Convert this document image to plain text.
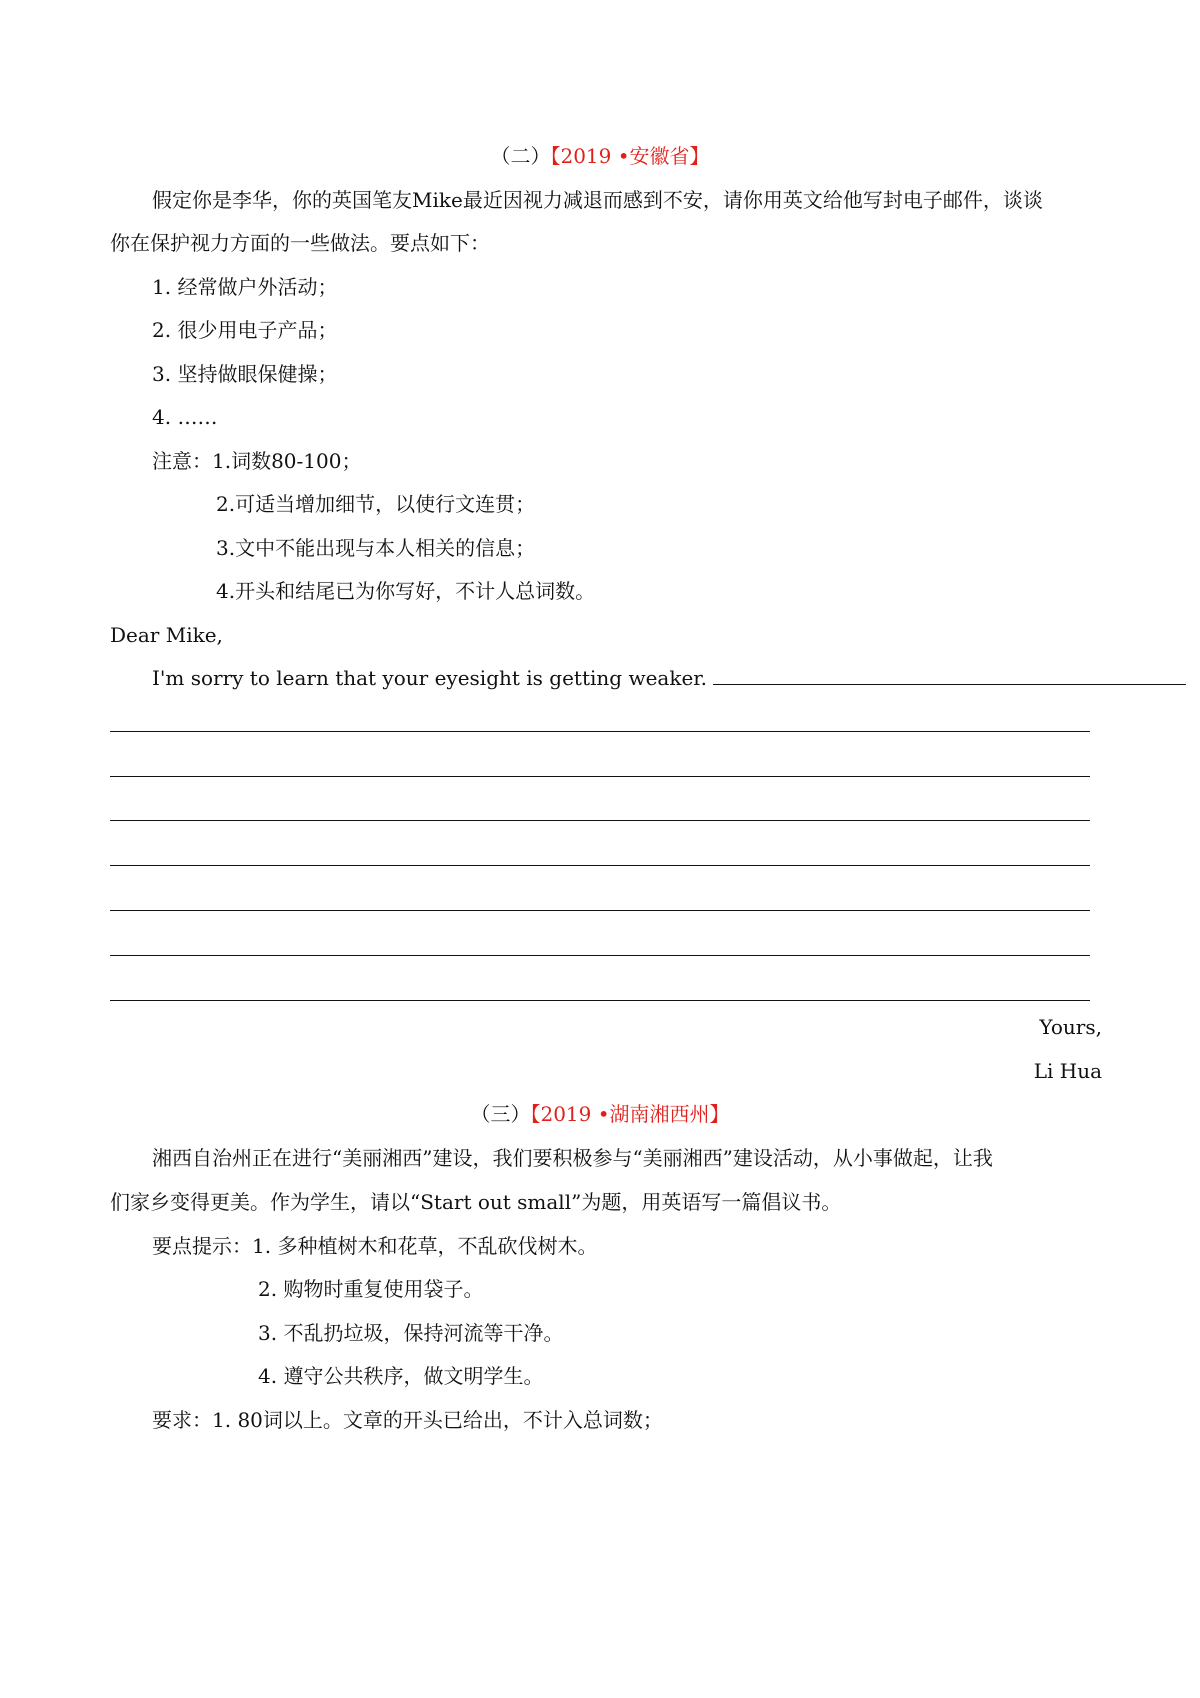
（二）【2019 •安徽省】
假定你是李华，你的英国笔友Mike最近因视力减退而感到不安，请你用英文给他写封电子邮件，谈谈
你在保护视力方面的一些做法。要点如下：
1. 经常做户外活动；
2. 很少用电子产品；
3. 坚持做眼保健操；
4. ……
注意：1.词数80-100；
2.可适当增加细节，以使行文连贯；
3.文中不能出现与本人相关的信息；
4.开头和结尾已为你写好，不计人总词数。
Dear Mike,
I'm sorry to learn that your eyesight is getting weaker.
Yours,
Li Hua
（三）【2019 •湖南湘西州】
湘西自治州正在进行“美丽湘西”建设，我们要积极参与“美丽湘西”建设活动，从小事做起，让我
们家乡变得更美。作为学生，请以“Start out small”为题，用英语写一篇倡议书。
要点提示：1. 多种植树木和花草，不乱砍伐树木。
2. 购物时重复使用袋子。
3. 不乱扔垃圾，保持河流等干净。
4. 遵守公共秩序，做文明学生。
要求：1. 80词以上。文章的开头已给出，不计入总词数；
